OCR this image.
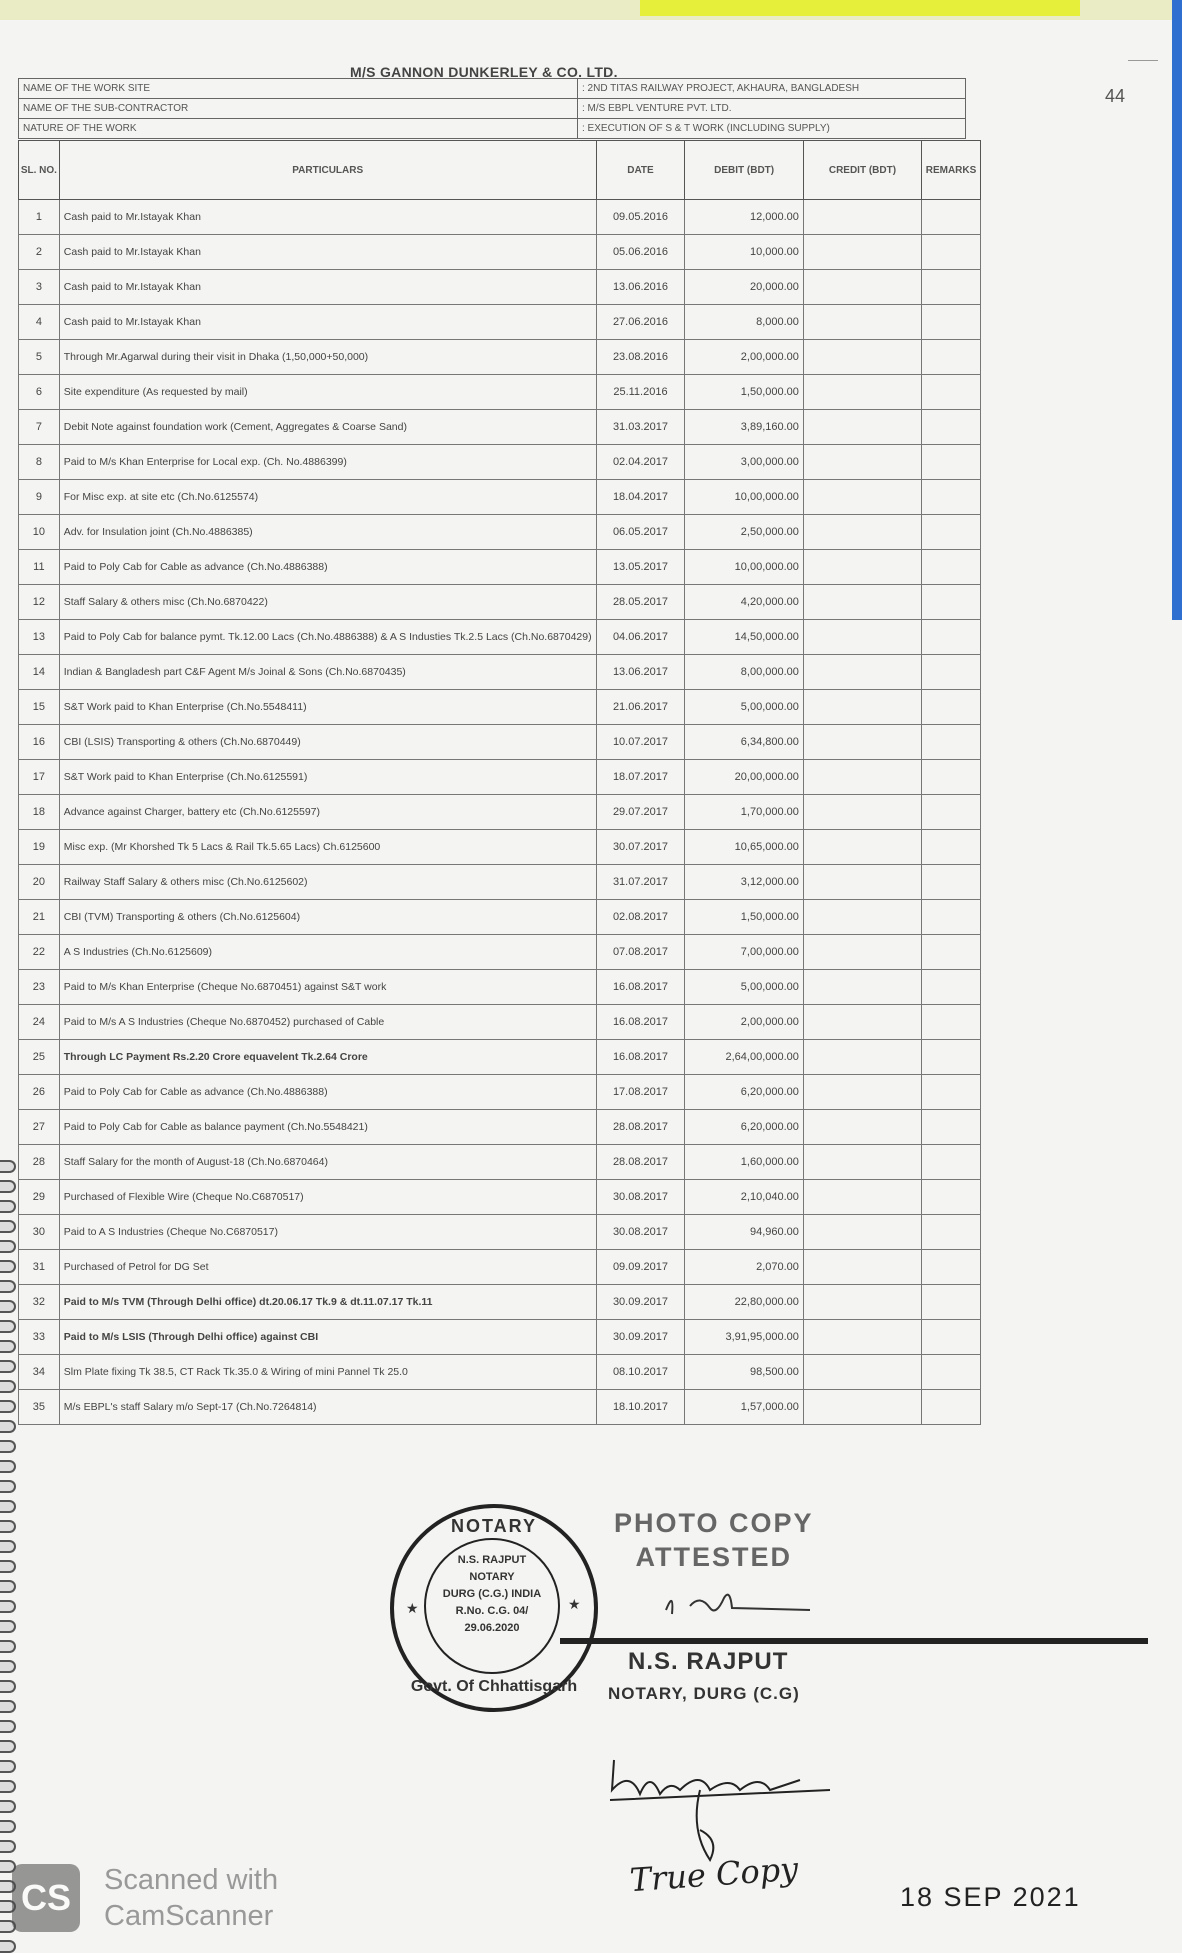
44
M/S GANNON DUNKERLEY & CO. LTD.
NAME OF THE WORK SITE	: 2ND TITAS RAILWAY PROJECT, AKHAURA, BANGLADESH
NAME OF THE SUB-CONTRACTOR	: M/S EBPL VENTURE PVT. LTD.
NATURE OF THE WORK	: EXECUTION OF S & T WORK (INCLUDING SUPPLY)
SL. NO.	PARTICULARS	DATE	DEBIT (BDT)	CREDIT (BDT)	REMARKS
1	Cash paid to Mr.Istayak Khan	09.05.2016	12,000.00		
2	Cash paid to Mr.Istayak Khan	05.06.2016	10,000.00		
3	Cash paid to Mr.Istayak Khan	13.06.2016	20,000.00		
4	Cash paid to Mr.Istayak Khan	27.06.2016	8,000.00		
5	Through Mr.Agarwal during their visit in Dhaka (1,50,000+50,000)	23.08.2016	2,00,000.00		
6	Site expenditure (As requested by mail)	25.11.2016	1,50,000.00		
7	Debit Note against foundation work (Cement, Aggregates & Coarse Sand)	31.03.2017	3,89,160.00		
8	Paid to M/s Khan Enterprise for Local exp. (Ch. No.4886399)	02.04.2017	3,00,000.00		
9	For Misc exp. at site etc (Ch.No.6125574)	18.04.2017	10,00,000.00		
10	Adv. for Insulation joint (Ch.No.4886385)	06.05.2017	2,50,000.00		
11	Paid to Poly Cab for Cable as advance (Ch.No.4886388)	13.05.2017	10,00,000.00		
12	Staff Salary & others misc (Ch.No.6870422)	28.05.2017	4,20,000.00		
13	Paid to Poly Cab for balance pymt. Tk.12.00 Lacs (Ch.No.4886388) & A S Industies Tk.2.5 Lacs (Ch.No.6870429)	04.06.2017	14,50,000.00		
14	Indian & Bangladesh part C&F Agent M/s Joinal & Sons (Ch.No.6870435)	13.06.2017	8,00,000.00		
15	S&T Work paid to Khan Enterprise (Ch.No.5548411)	21.06.2017	5,00,000.00		
16	CBI (LSIS) Transporting & others (Ch.No.6870449)	10.07.2017	6,34,800.00		
17	S&T Work paid to Khan Enterprise (Ch.No.6125591)	18.07.2017	20,00,000.00		
18	Advance against Charger, battery etc (Ch.No.6125597)	29.07.2017	1,70,000.00		
19	Misc exp. (Mr Khorshed Tk 5 Lacs & Rail Tk.5.65 Lacs) Ch.6125600	30.07.2017	10,65,000.00		
20	Railway Staff Salary & others misc (Ch.No.6125602)	31.07.2017	3,12,000.00		
21	CBI (TVM) Transporting & others (Ch.No.6125604)	02.08.2017	1,50,000.00		
22	A S Industries (Ch.No.6125609)	07.08.2017	7,00,000.00		
23	Paid to M/s Khan Enterprise (Cheque No.6870451) against S&T work	16.08.2017	5,00,000.00		
24	Paid to M/s A S Industries (Cheque No.6870452) purchased of Cable	16.08.2017	2,00,000.00		
25	Through LC Payment Rs.2.20 Crore equavelent Tk.2.64 Crore	16.08.2017	2,64,00,000.00		
26	Paid to Poly Cab for Cable as advance (Ch.No.4886388)	17.08.2017	6,20,000.00		
27	Paid to Poly Cab for Cable as balance payment (Ch.No.5548421)	28.08.2017	6,20,000.00		
28	Staff Salary for the month of August-18 (Ch.No.6870464)	28.08.2017	1,60,000.00		
29	Purchased of Flexible Wire (Cheque No.C6870517)	30.08.2017	2,10,040.00		
30	Paid to A S Industries (Cheque No.C6870517)	30.08.2017	94,960.00		
31	Purchased of Petrol for DG Set	09.09.2017	2,070.00		
32	Paid to M/s TVM (Through Delhi office) dt.20.06.17 Tk.9 & dt.11.07.17 Tk.11	30.09.2017	22,80,000.00		
33	Paid to M/s LSIS (Through Delhi office) against CBI	30.09.2017	3,91,95,000.00		
34	Slm Plate fixing Tk 38.5, CT Rack Tk.35.0 & Wiring of mini Pannel Tk 25.0	08.10.2017	98,500.00		
35	M/s EBPL's staff Salary m/o Sept-17 (Ch.No.7264814)	18.10.2017	1,57,000.00		
NOTARY
★	★
N.S. RAJPUT
NOTARY
DURG (C.G.) INDIA
R.No. C.G. 04/
29.06.2020
Govt. Of Chhattisgarh
PHOTO COPY
ATTESTED
N.S. RAJPUT
NOTARY, DURG (C.G)
True Copy	18 SEP 2021
CS	Scanned with
CamScanner
